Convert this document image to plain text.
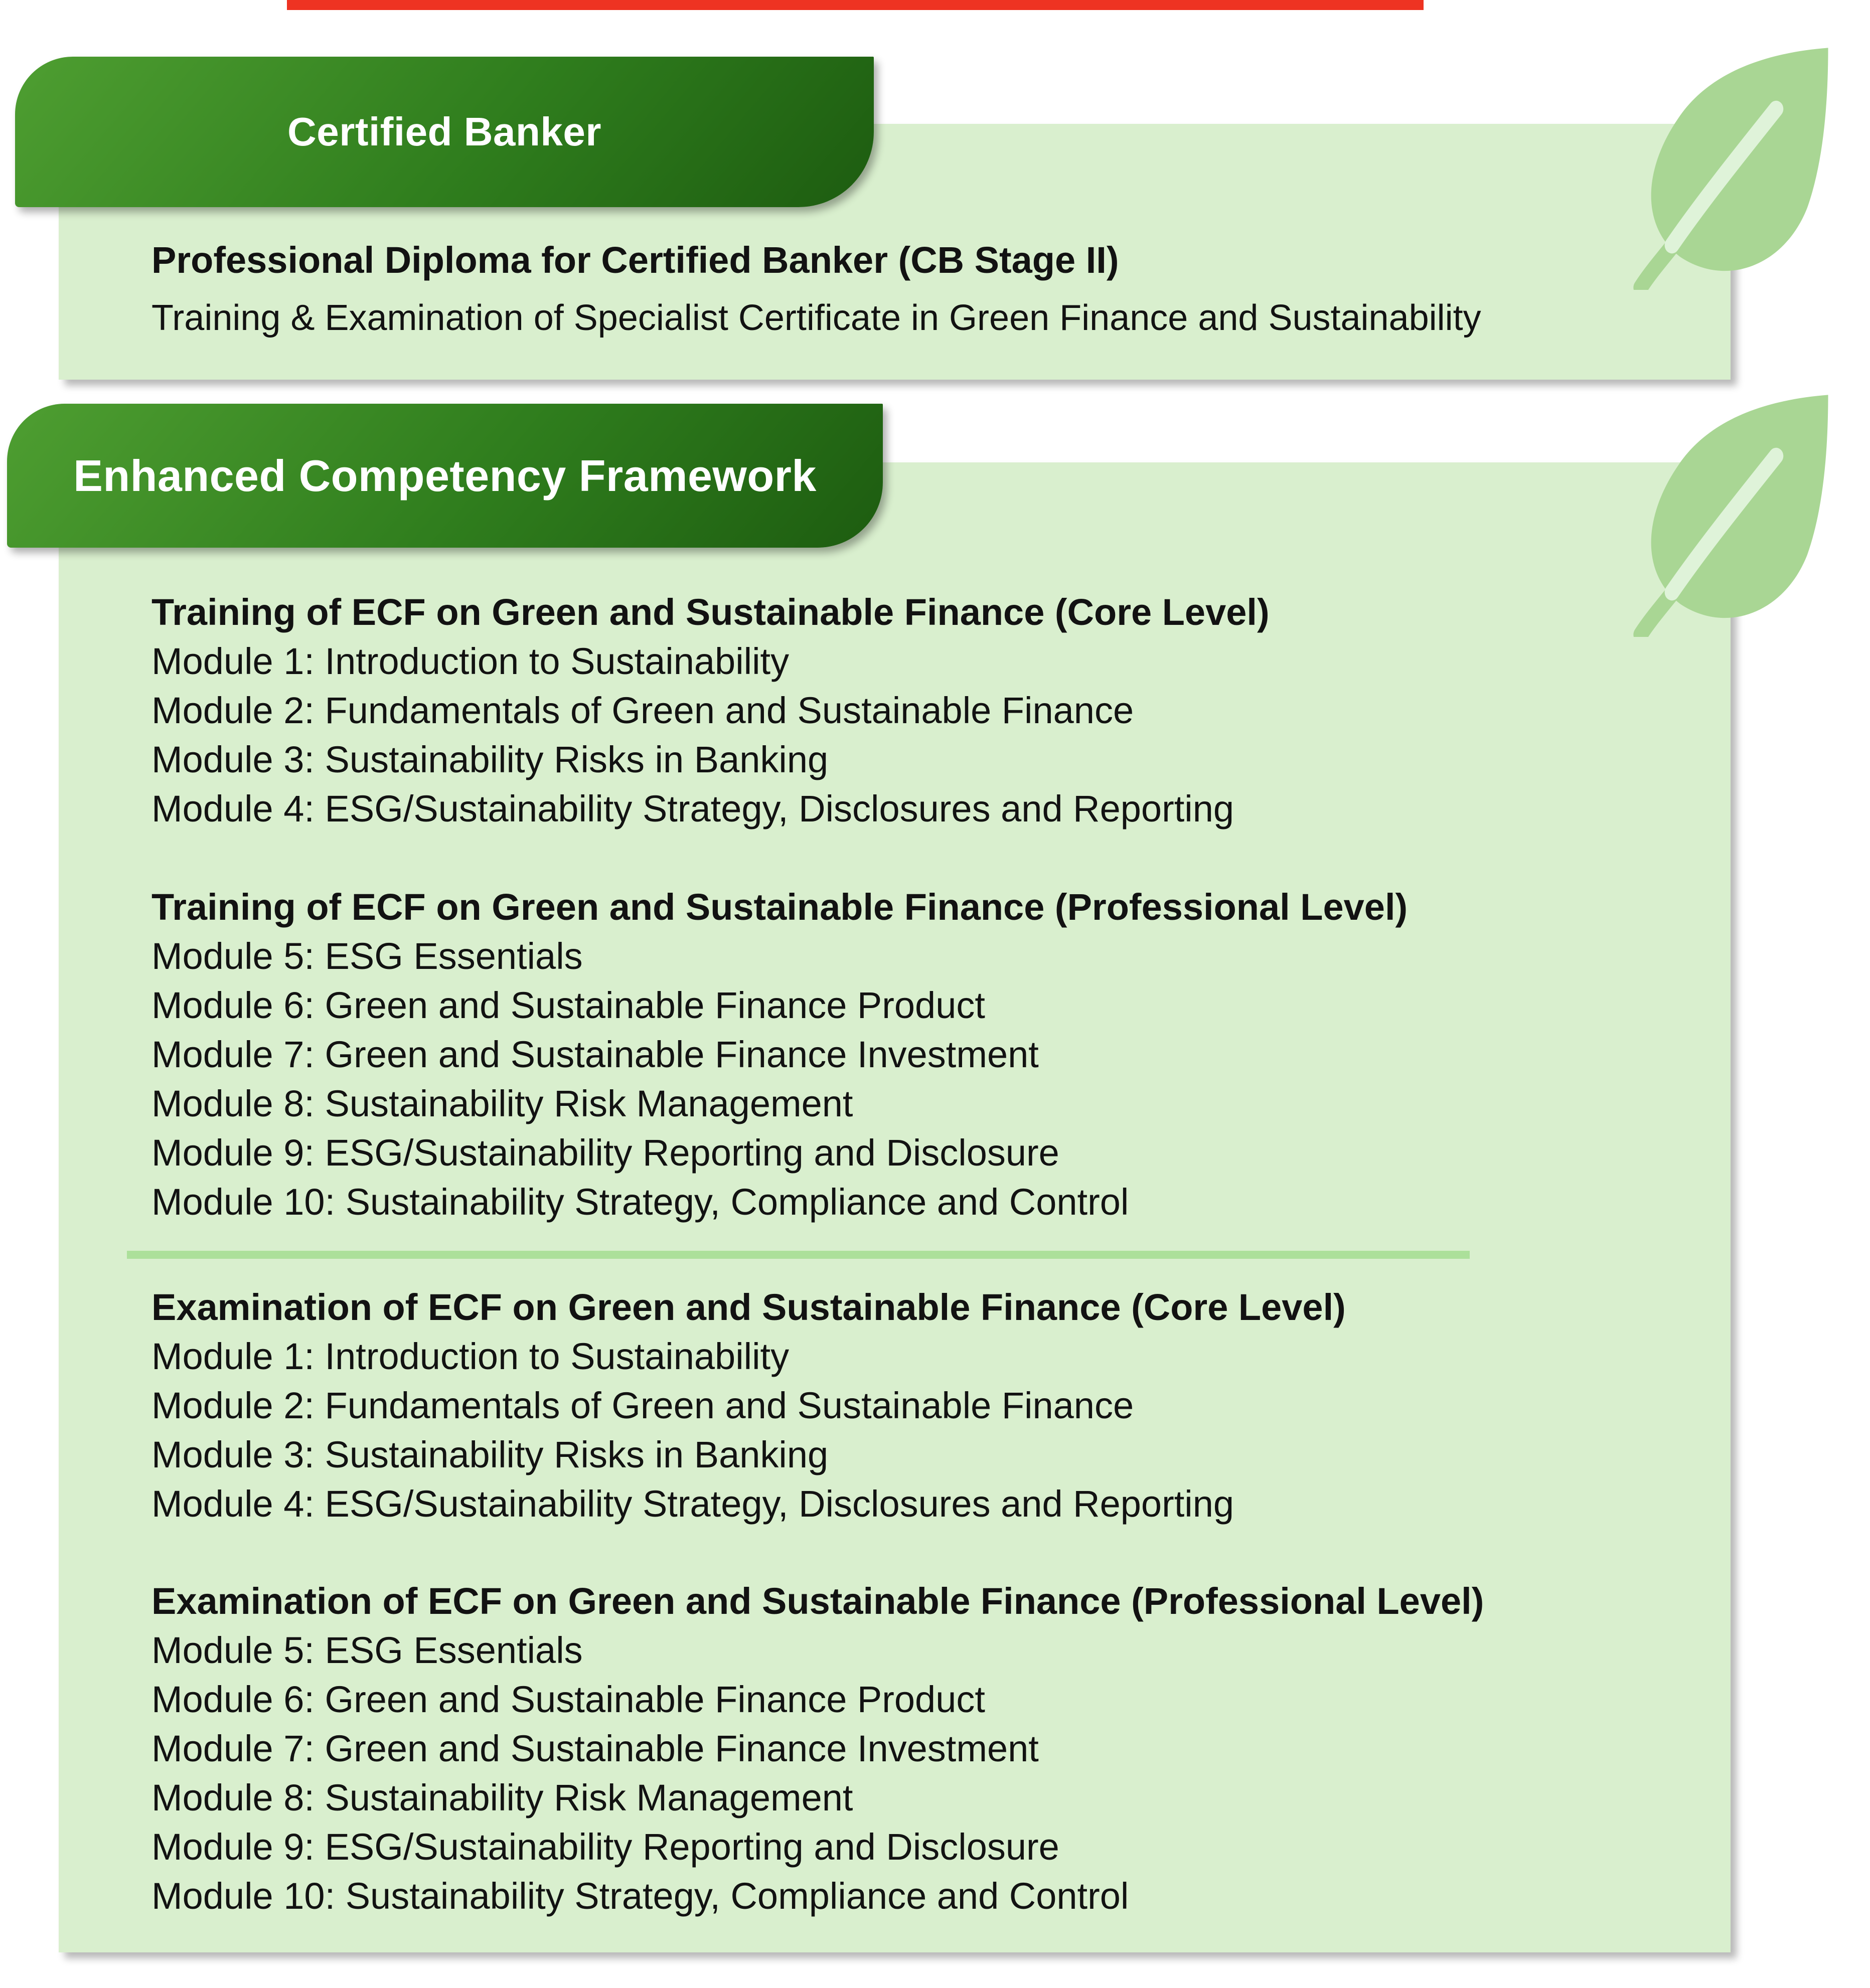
Professional Diploma for Certified Banker (CB Stage II)
Training & Examination of Specialist Certificate in Green Finance and Sustainability
Certified Banker
Training of ECF on Green and Sustainable Finance (Core Level)
Module 1: Introduction to Sustainability
Module 2: Fundamentals of Green and Sustainable Finance
Module 3: Sustainability Risks in Banking
Module 4: ESG/Sustainability Strategy, Disclosures and Reporting
Training of ECF on Green and Sustainable Finance (Professional Level)
Module 5: ESG Essentials
Module 6: Green and Sustainable Finance Product
Module 7: Green and Sustainable Finance Investment
Module 8: Sustainability Risk Management
Module 9: ESG/Sustainability Reporting and Disclosure
Module 10: Sustainability Strategy, Compliance and Control
Examination of ECF on Green and Sustainable Finance (Core Level)
Module 1: Introduction to Sustainability
Module 2: Fundamentals of Green and Sustainable Finance
Module 3: Sustainability Risks in Banking
Module 4: ESG/Sustainability Strategy, Disclosures and Reporting
Examination of ECF on Green and Sustainable Finance (Professional Level)
Module 5: ESG Essentials
Module 6: Green and Sustainable Finance Product
Module 7: Green and Sustainable Finance Investment
Module 8: Sustainability Risk Management
Module 9: ESG/Sustainability Reporting and Disclosure
Module 10: Sustainability Strategy, Compliance and Control
Enhanced Competency Framework
